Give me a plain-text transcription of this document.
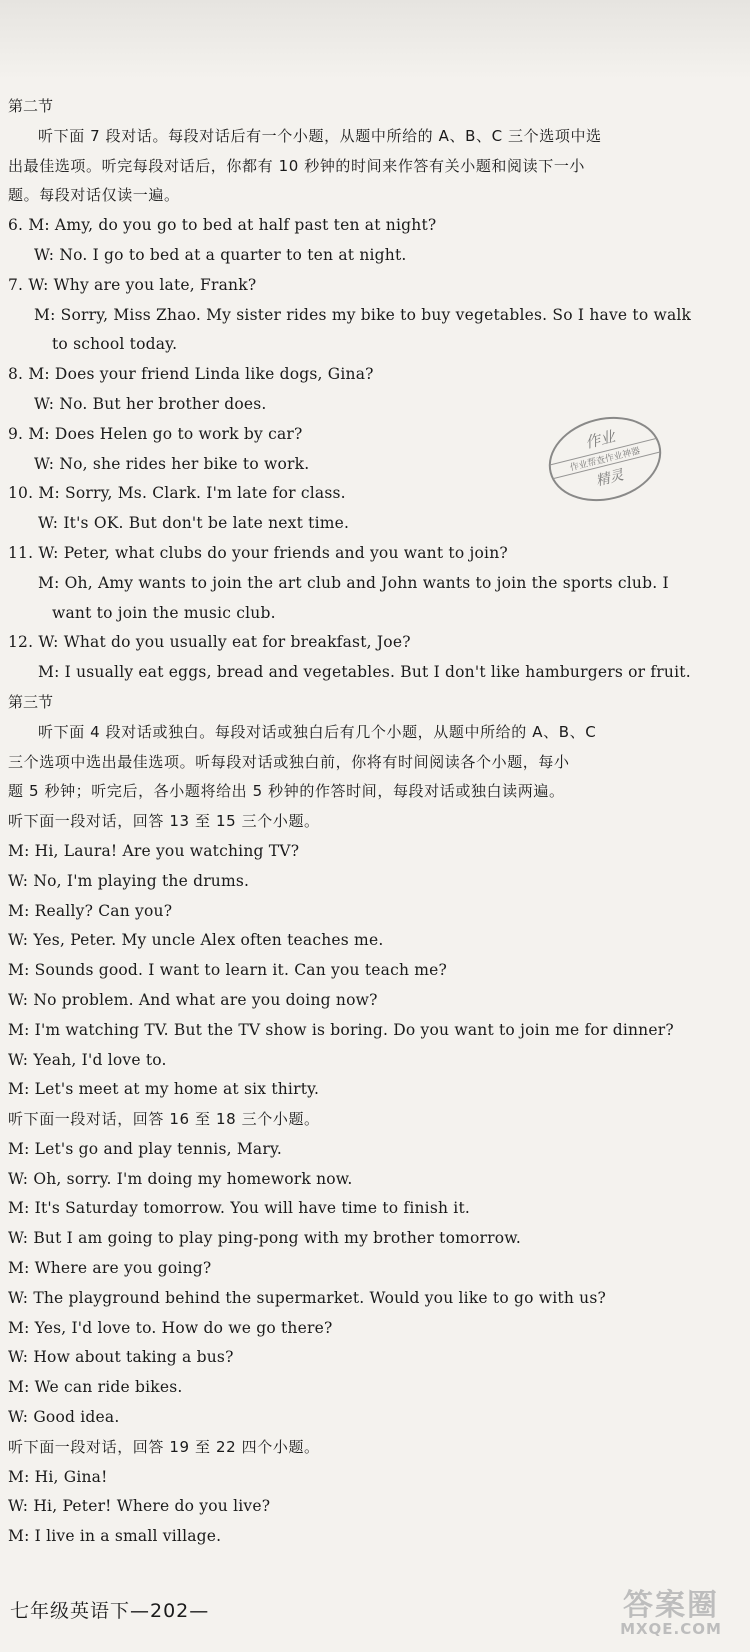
第二节
听下面 7 段对话。每段对话后有一个小题，从题中所给的 A、B、C 三个选项中选
出最佳选项。听完每段对话后，你都有 10 秒钟的时间来作答有关小题和阅读下一小
题。每段对话仅读一遍。
6. M: Amy, do you go to bed at half past ten at night?
W: No. I go to bed at a quarter to ten at night.
7. W: Why are you late, Frank?
M: Sorry, Miss Zhao. My sister rides my bike to buy vegetables. So I have to walk
to school today.
8. M: Does your friend Linda like dogs, Gina?
W: No. But her brother does.
9. M: Does Helen go to work by car?
W: No, she rides her bike to work.
10. M: Sorry, Ms. Clark. I'm late for class.
W: It's OK. But don't be late next time.
11. W: Peter, what clubs do your friends and you want to join?
M: Oh, Amy wants to join the art club and John wants to join the sports club. I
want to join the music club.
12. W: What do you usually eat for breakfast, Joe?
M: I usually eat eggs, bread and vegetables. But I don't like hamburgers or fruit.
第三节
听下面 4 段对话或独白。每段对话或独白后有几个小题，从题中所给的 A、B、C
三个选项中选出最佳选项。听每段对话或独白前，你将有时间阅读各个小题，每小
题 5 秒钟；听完后，各小题将给出 5 秒钟的作答时间，每段对话或独白读两遍。
听下面一段对话，回答 13 至 15 三个小题。
M: Hi, Laura! Are you watching TV?
W: No, I'm playing the drums.
M: Really? Can you?
W: Yes, Peter. My uncle Alex often teaches me.
M: Sounds good. I want to learn it. Can you teach me?
W: No problem. And what are you doing now?
M: I'm watching TV. But the TV show is boring. Do you want to join me for dinner?
W: Yeah, I'd love to.
M: Let's meet at my home at six thirty.
听下面一段对话，回答 16 至 18 三个小题。
M: Let's go and play tennis, Mary.
W: Oh, sorry. I'm doing my homework now.
M: It's Saturday tomorrow. You will have time to finish it.
W: But I am going to play ping-pong with my brother tomorrow.
M: Where are you going?
W: The playground behind the supermarket. Would you like to go with us?
M: Yes, I'd love to. How do we go there?
W: How about taking a bus?
M: We can ride bikes.
W: Good idea.
听下面一段对话，回答 19 至 22 四个小题。
M: Hi, Gina!
W: Hi, Peter! Where do you live?
M: I live in a small village.
作业
作业帮查作业神器
精灵
七年级英语下—202—	答案圈
MXQE.COM
